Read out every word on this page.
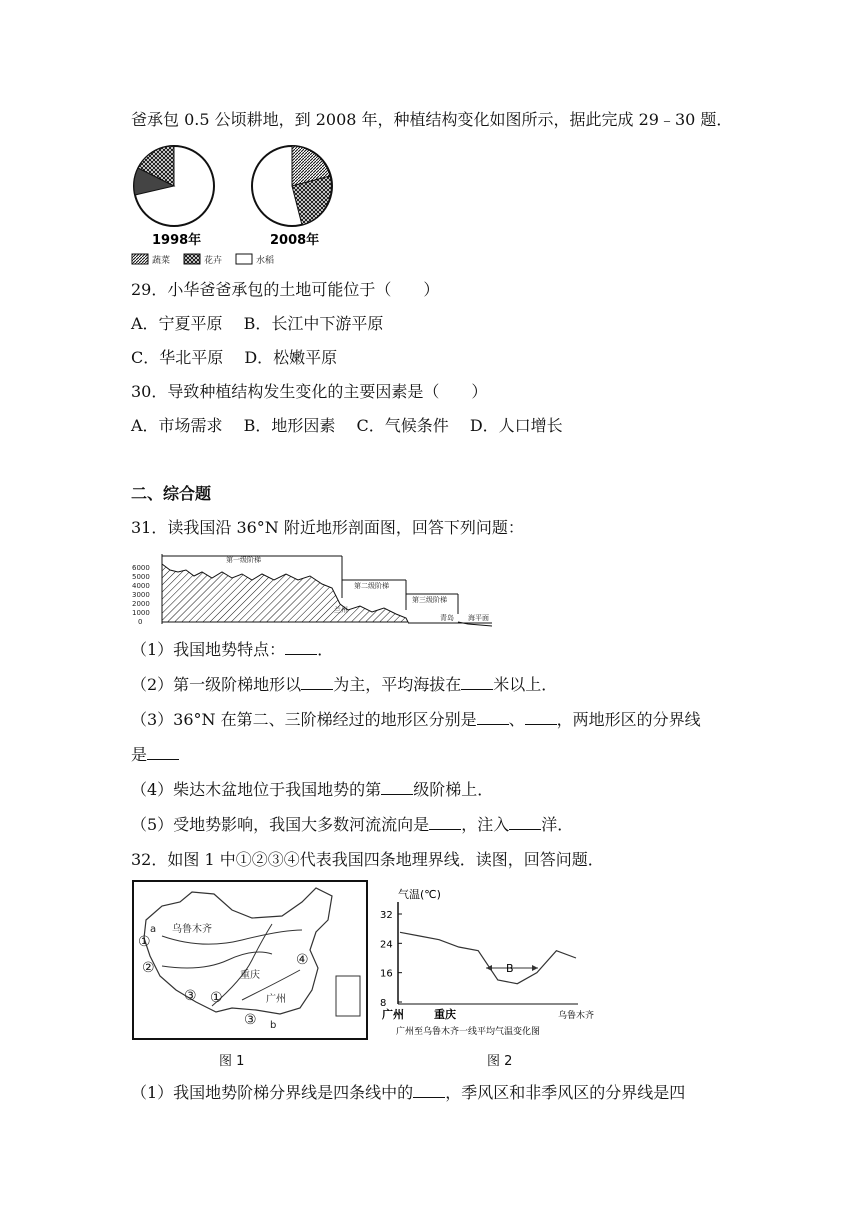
爸承包 0.5 公顷耕地，到 2008 年，种植结构变化如图所示，据此完成 29﹣30 题．
1998年	2008年
蔬菜	花卉	水稻
29．小华爸爸承包的土地可能位于（　　）
A．宁夏平原　 B．长江中下游平原
C．华北平原　 D．松嫩平原
30．导致种植结构发生变化的主要因素是（　　）
A．市场需求　 B．地形因素　 C．气候条件　 D．人口增长
二、综合题
31．读我国沿 36°N 附近地形剖面图，回答下列问题：
6000
5000
4000
3000
2000
1000
0
第一级阶梯
第二级阶梯
第三级阶梯
兰州
青岛 海平面
（1）我国地势特点： ．
（2）第一级阶梯地形以 为主，平均海拔在 米以上．
（3）36°N 在第二、三阶梯经过的地形区分别是 、 ，两地形区的分界线
是
（4）柴达木盆地位于我国地势的第 级阶梯上．
（5）受地势影响，我国大多数河流流向是 ，注入 洋．
32．如图 1 中①②③④代表我国四条地理界线．读图，回答问题．
a 乌鲁木齐
重庆
广州
b
①
②
③ ①
③
④
气温(℃)
32
24
16
8
B
广州	重庆	乌鲁木齐
广州至乌鲁木齐一线平均气温变化图
图 1	图 2
（1）我国地势阶梯分界线是四条线中的 ，季风区和非季风区的分界线是四
